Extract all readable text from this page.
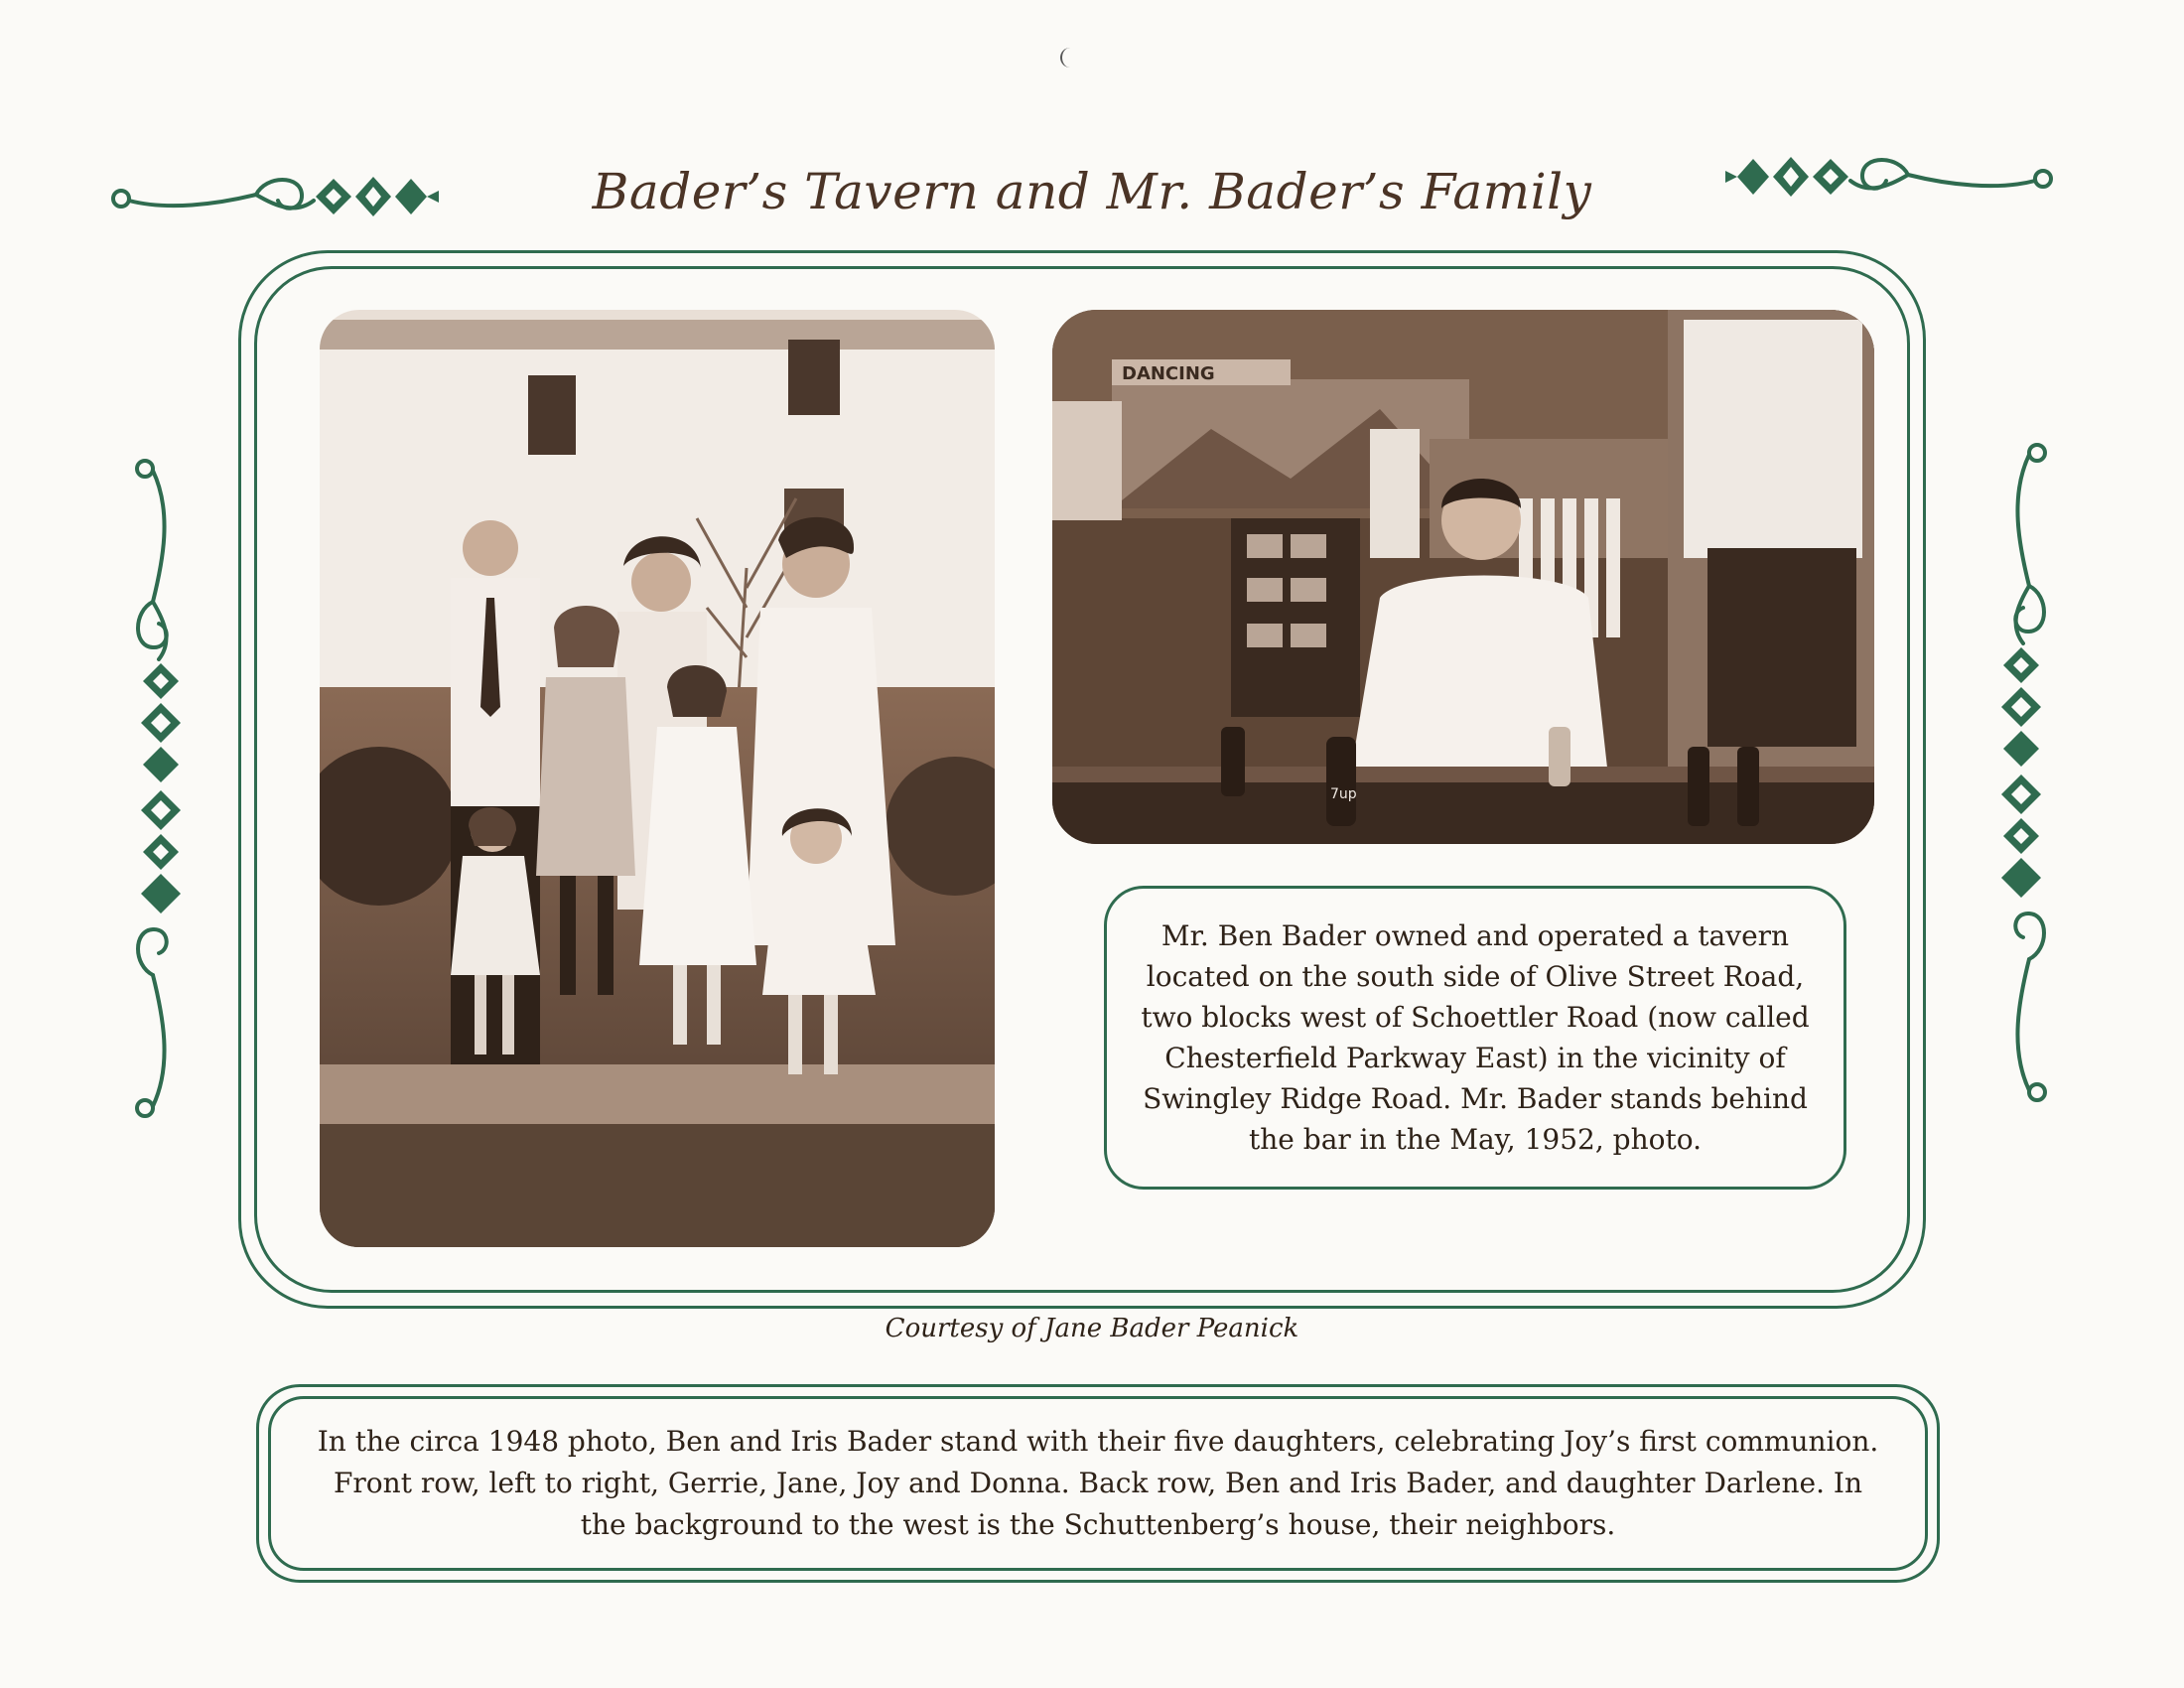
Bader’s Tavern and Mr. Bader’s Family
DANCING
7up
Mr. Ben Bader owned and operated a tavern located on the south side of Olive Street Road, two blocks west of Schoettler Road (now called Chesterfield Parkway East) in the vicinity of Swingley Ridge Road. Mr. Bader stands behind the bar in the May, 1952, photo.
Courtesy of Jane Bader Peanick
In the circa 1948 photo, Ben and Iris Bader stand with their five daughters, celebrating Joy’s first communion. Front row, left to right, Gerrie, Jane, Joy and Donna. Back row, Ben and Iris Bader, and daughter Darlene. In the background to the west is the Schuttenberg’s house, their neighbors.
